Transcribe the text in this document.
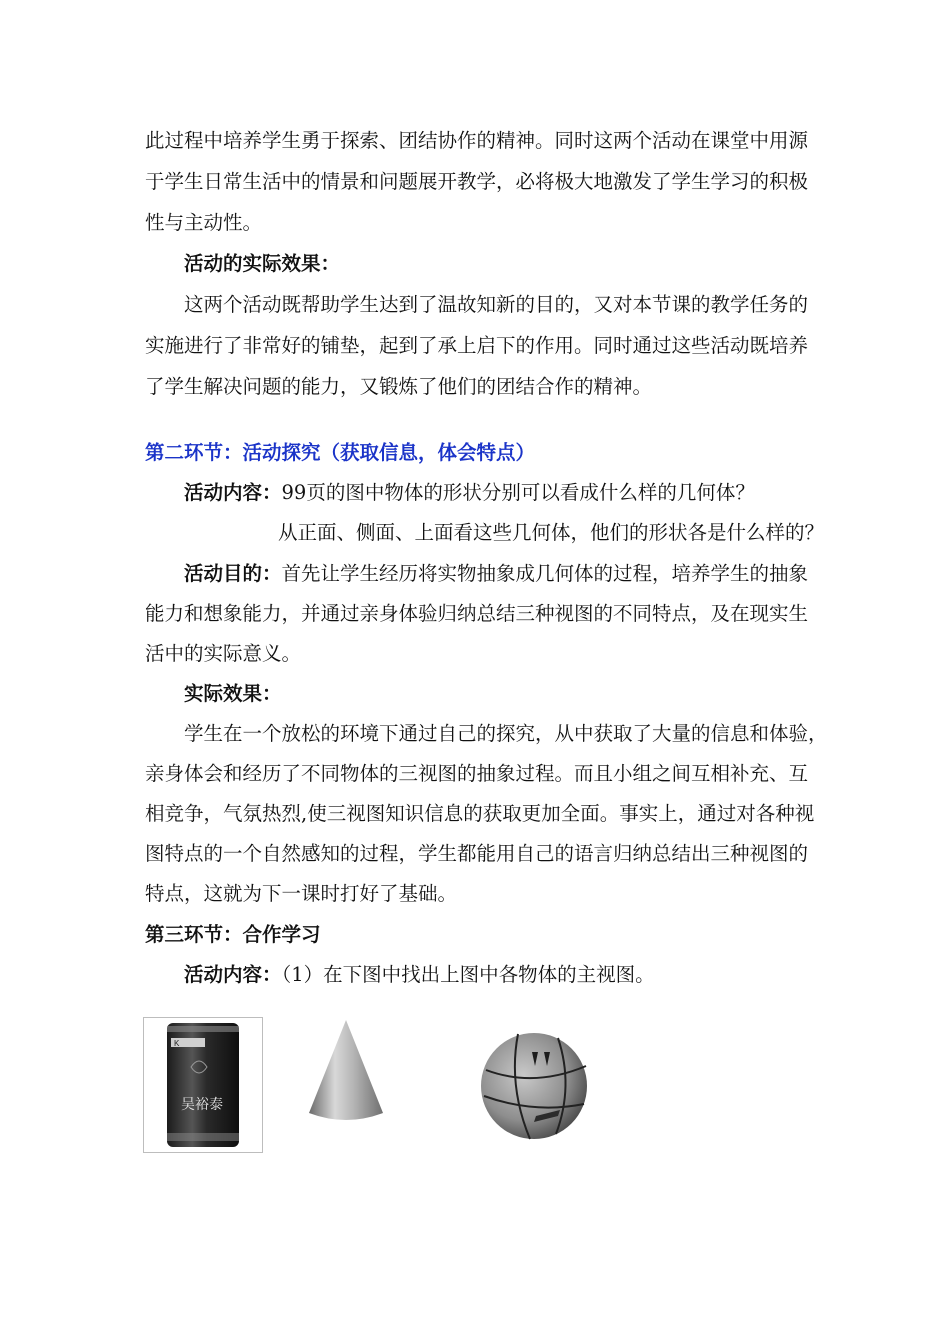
此过程中培养学生勇于探索、团结协作的精神。同时这两个活动在课堂中用源
于学生日常生活中的情景和问题展开教学，必将极大地激发了学生学习的积极
性与主动性。
活动的实际效果：
这两个活动既帮助学生达到了温故知新的目的，又对本节课的教学任务的
实施进行了非常好的铺垫，起到了承上启下的作用。同时通过这些活动既培养
了学生解决问题的能力，又锻炼了他们的团结合作的精神。
第二环节：活动探究（获取信息，体会特点）
活动内容：99页的图中物体的形状分别可以看成什么样的几何体？
从正面、侧面、上面看这些几何体，他们的形状各是什么样的？
活动目的：首先让学生经历将实物抽象成几何体的过程，培养学生的抽象
能力和想象能力，并通过亲身体验归纳总结三种视图的不同特点，及在现实生
活中的实际意义。
实际效果：
学生在一个放松的环境下通过自己的探究，从中获取了大量的信息和体验，
亲身体会和经历了不同物体的三视图的抽象过程。而且小组之间互相补充、互
相竞争，气氛热烈,使三视图知识信息的获取更加全面。事实上，通过对各种视
图特点的一个自然感知的过程，学生都能用自己的语言归纳总结出三种视图的
特点，这就为下一课时打好了基础。
第三环节：合作学习
活动内容：（1）在下图中找出上图中各物体的主视图。
K
吴裕泰
